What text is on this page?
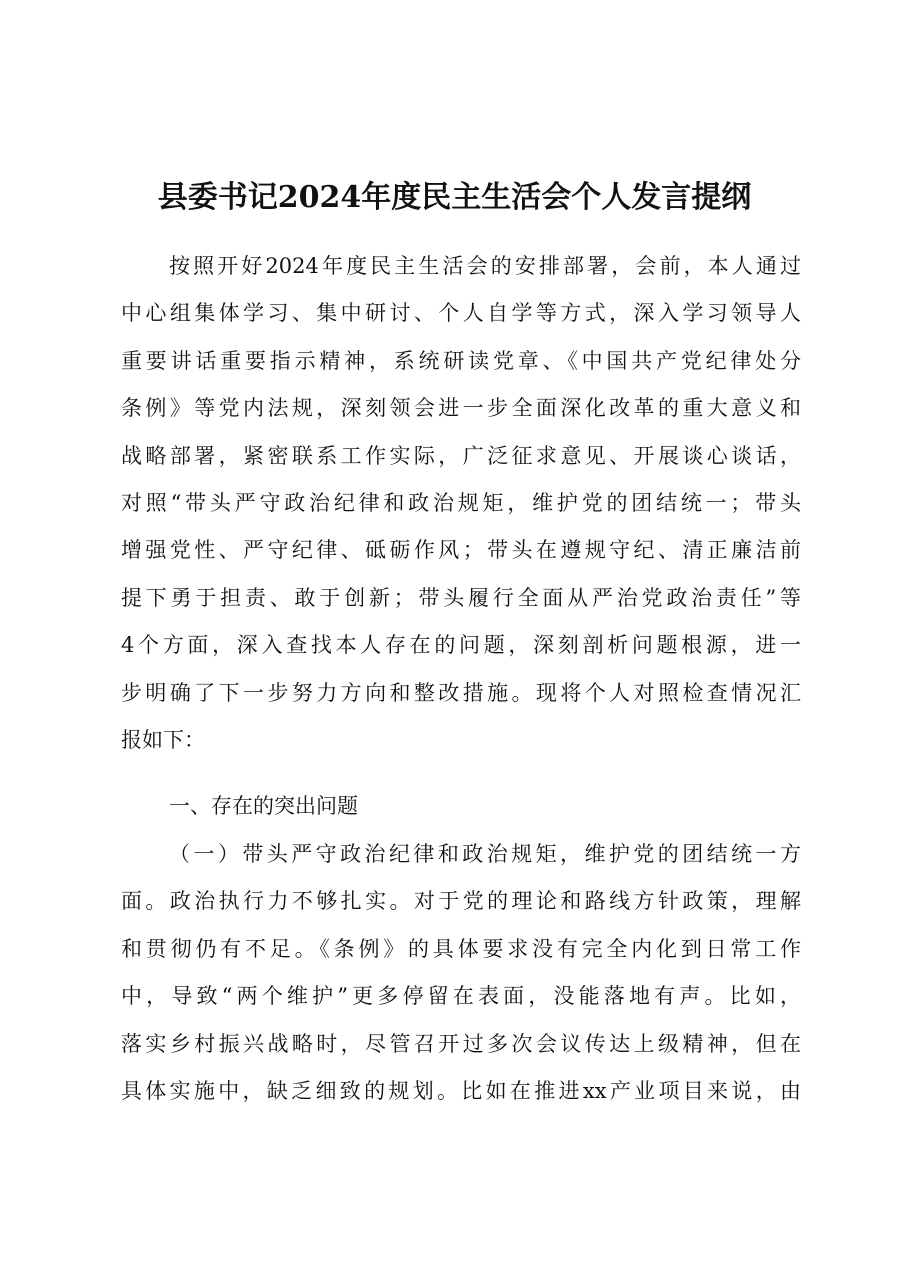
县委书记2024年度民主生活会个人发言提纲
按照开好2024年度民主生活会的安排部署，会前，本人通过
中心组集体学习、集中研讨、个人自学等方式，深入学习领导人
重要讲话重要指示精神，系统研读党章、《中国共产党纪律处分
条例》等党内法规，深刻领会进一步全面深化改革的重大意义和
战略部署，紧密联系工作实际，广泛征求意见、开展谈心谈话，
对照“带头严守政治纪律和政治规矩，维护党的团结统一；带头
增强党性、严守纪律、砥砺作风；带头在遵规守纪、清正廉洁前
提下勇于担责、敢于创新；带头履行全面从严治党政治责任”等
4个方面，深入查找本人存在的问题，深刻剖析问题根源，进一
步明确了下一步努力方向和整改措施。现将个人对照检查情况汇
报如下：
一、存在的突出问题
（一）带头严守政治纪律和政治规矩，维护党的团结统一方
面。政治执行力不够扎实。对于党的理论和路线方针政策，理解
和贯彻仍有不足。《条例》的具体要求没有完全内化到日常工作
中，导致“两个维护”更多停留在表面，没能落地有声。比如，
落实乡村振兴战略时，尽管召开过多次会议传达上级精神，但在
具体实施中，缺乏细致的规划。比如在推进xx产业项目来说，由
